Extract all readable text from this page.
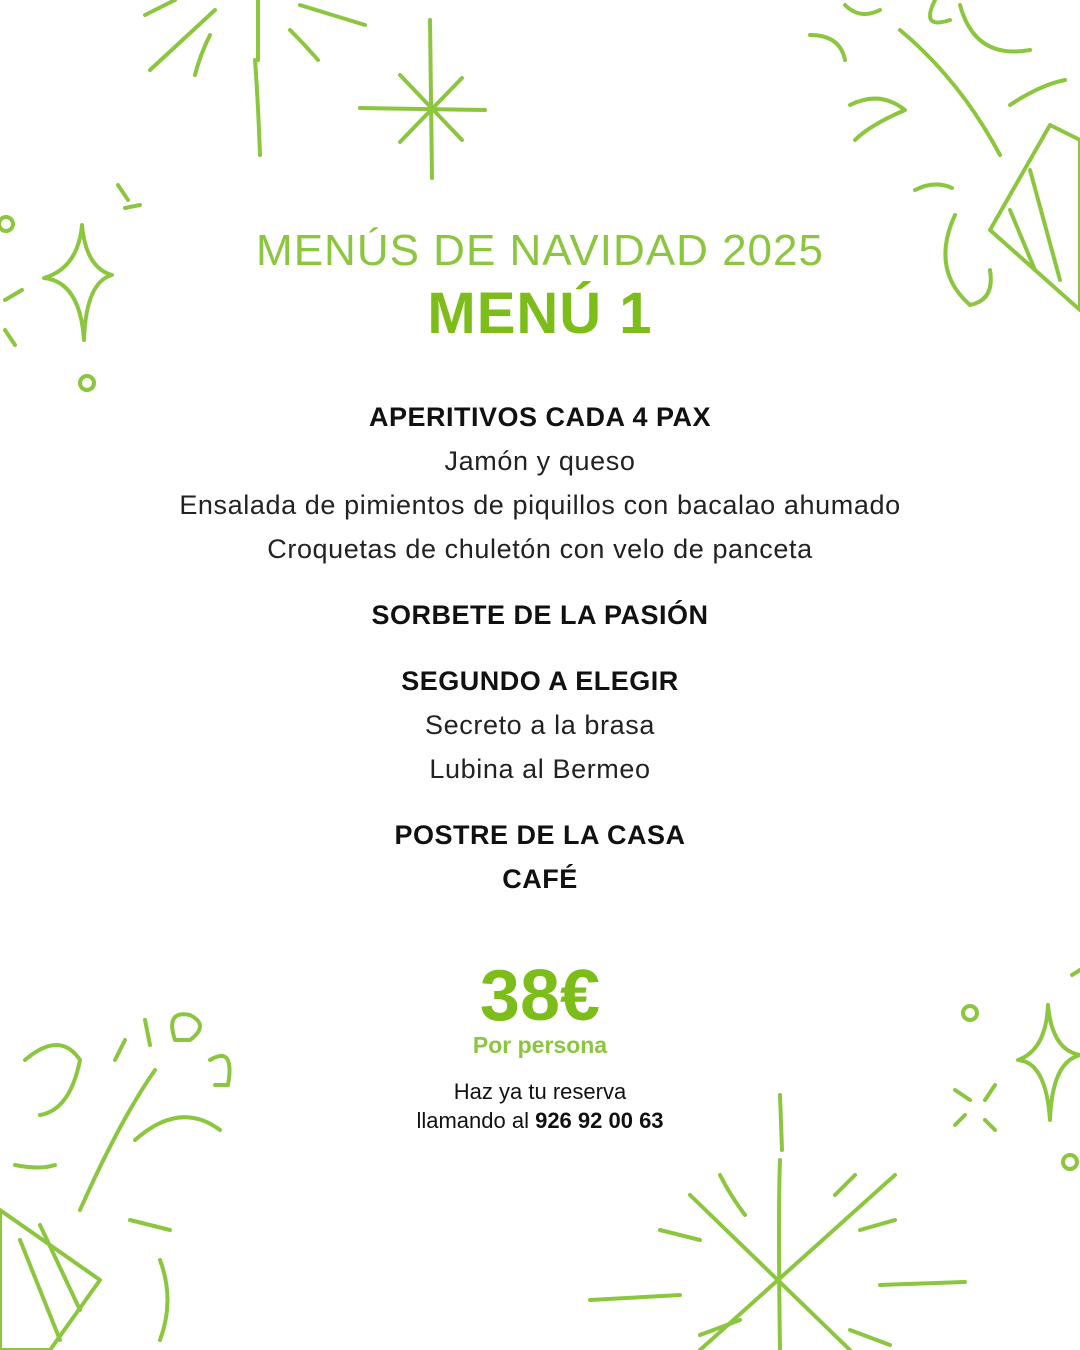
MENÚS DE NAVIDAD 2025
MENÚ 1

APERITIVOS CADA 4 PAX

Jamón y queso

Ensalada de pimientos de piquillos con bacalao ahumado

Croquetas de chuletón con velo de panceta

SORBETE DE LA PASIÓN

SEGUNDO A ELEGIR

Secreto a la brasa

Lubina al Bermeo

POSTRE DE LA CASA

CAFÉ

38€

Por persona

Haz ya tu reserva

llamando al 926 92 00 63
